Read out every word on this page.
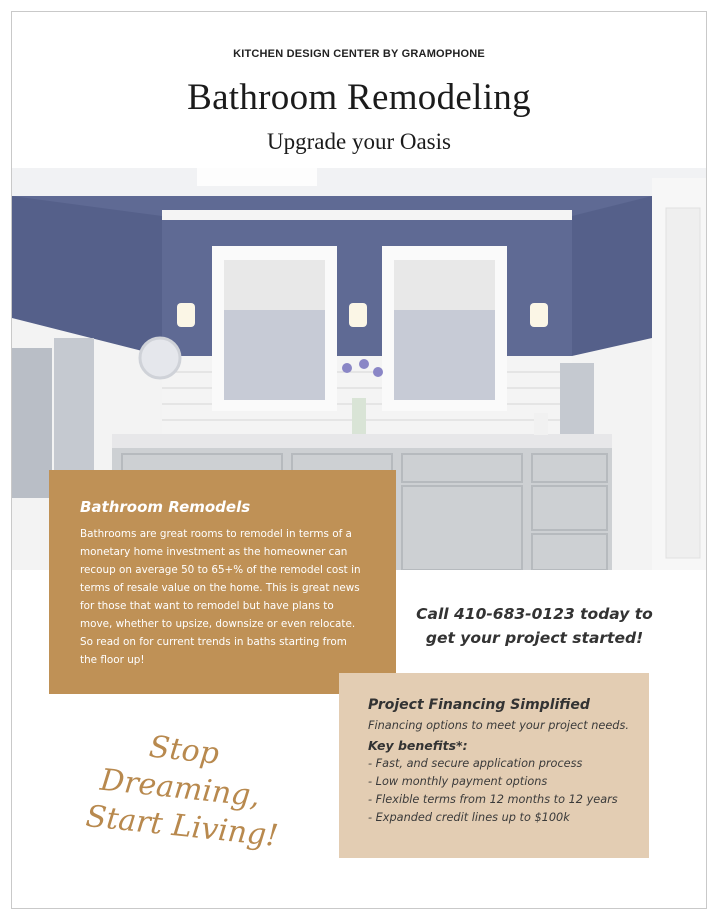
KITCHEN DESIGN CENTER BY GRAMOPHONE
Bathroom Remodeling
Upgrade your Oasis
Bathroom Remodels

Bathrooms are great rooms to remodel in terms of a monetary home investment as the homeowner can recoup on average 50 to 65+% of the remodel cost in terms of resale value on the home. This is great news for those that want to remodel but have plans to move, whether to upsize, downsize or even relocate. So read on for current trends in baths starting from the floor up!

Call 410-683-0123 today to get your project started!
Project Financing Simplified
Financing options to meet your project needs.
Key benefits*:
- Fast, and secure application process
- Low monthly payment options
- Flexible terms from 12 months to 12 years
- Expanded credit lines up to $100k
Stop Dreaming,
Start Living!
